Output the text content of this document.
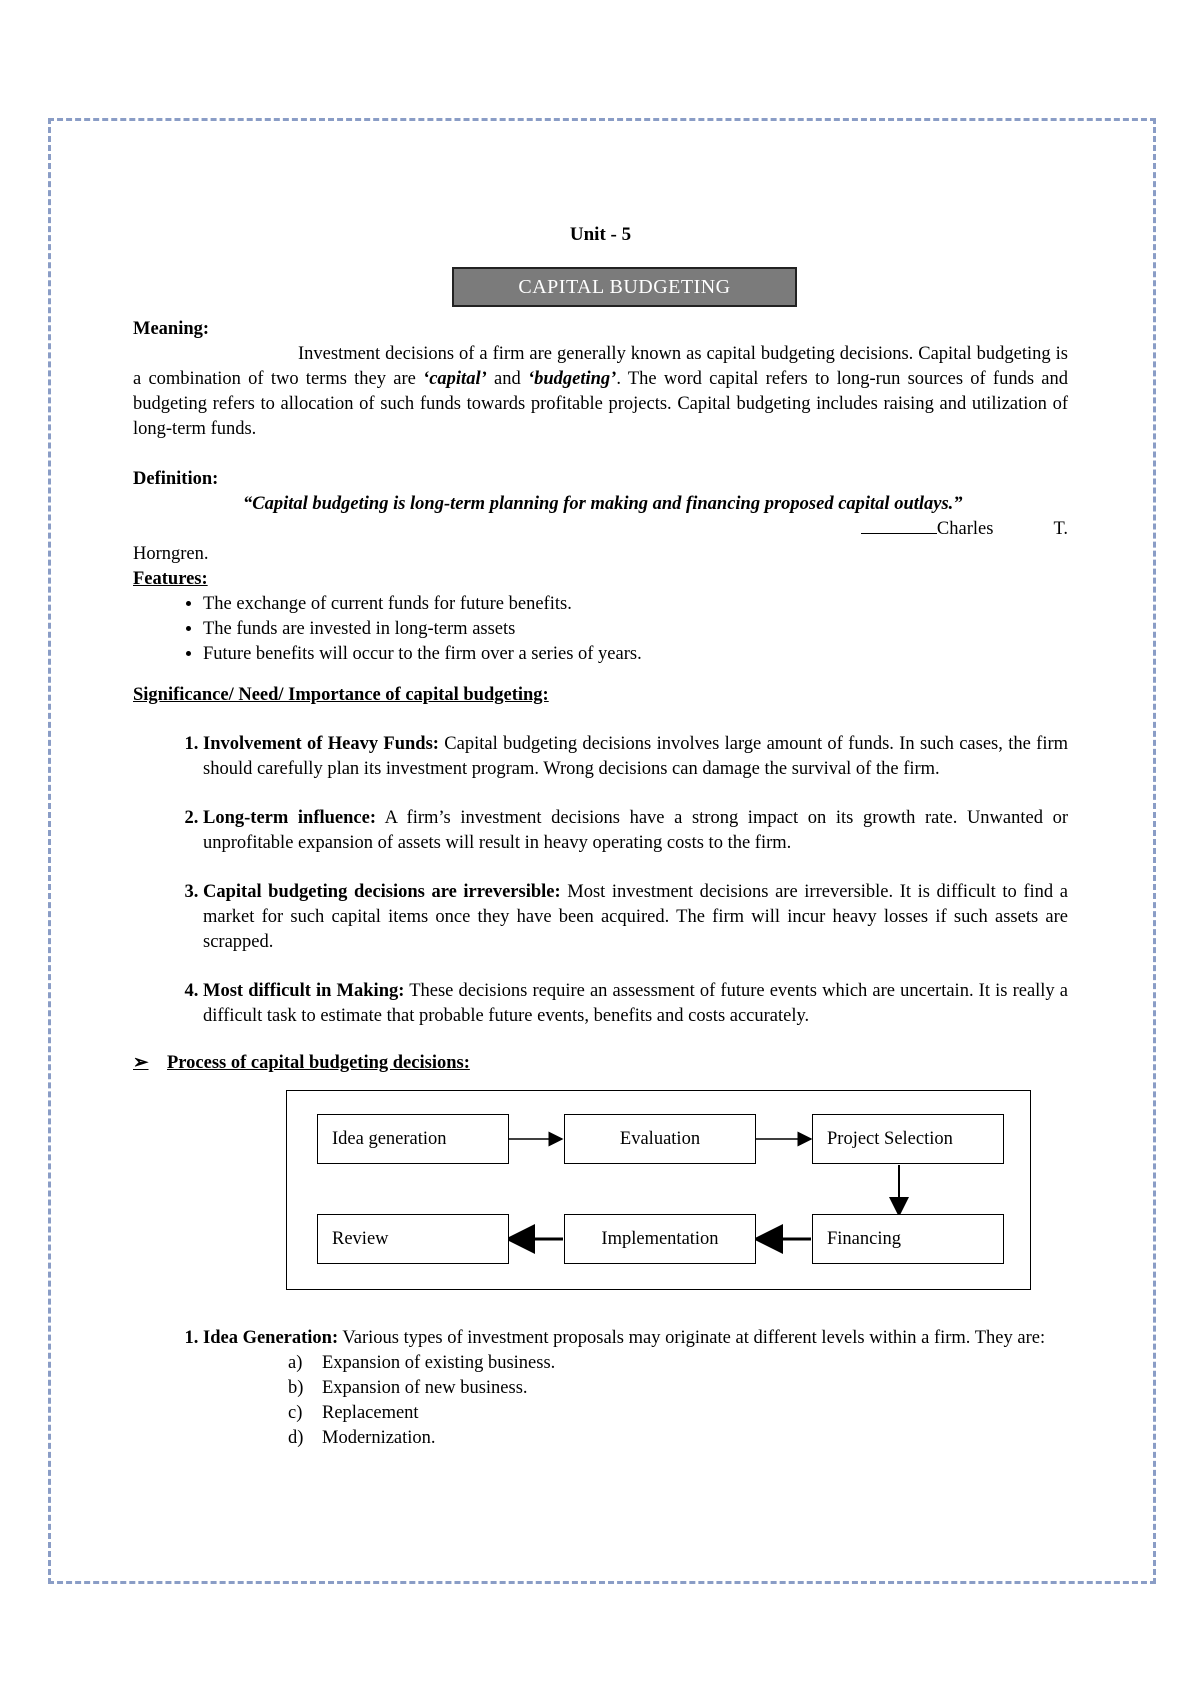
Unit - 5

CAPITAL BUDGETING

Meaning:

Investment decisions of a firm are generally known as capital budgeting decisions. Capital budgeting is a combination of two terms they are ‘capital’ and ‘budgeting’. The word capital refers to long-run sources of funds and budgeting refers to allocation of such funds towards profitable projects. Capital budgeting includes raising and utilization of long-term funds.

Definition:

“Capital budgeting is long-term planning for making and financing proposed capital outlays.”

Charles	T.

Horngren.

Features:

• The exchange of current funds for future benefits.
• The funds are invested in long-term assets
• Future benefits will occur to the firm over a series of years.

Significance/ Need/ Importance of capital budgeting:

1. Involvement of Heavy Funds: Capital budgeting decisions involves large amount of funds. In such cases, the firm should carefully plan its investment program. Wrong decisions can damage the survival of the firm.
2. Long-term influence: A firm’s investment decisions have a strong impact on its growth rate. Unwanted or unprofitable expansion of assets will result in heavy operating costs to the firm.
3. Capital budgeting decisions are irreversible: Most investment decisions are irreversible. It is difficult to find a market for such capital items once they have been acquired. The firm will incur heavy losses if such assets are scrapped.
4. Most difficult in Making: These decisions require an assessment of future events which are uncertain. It is really a difficult task to estimate that probable future events, benefits and costs accurately.

➢ Process of capital budgeting decisions:

Idea generation	Evaluation	Project Selection
Review	Implementation	Financing
1. Idea Generation: Various types of investment proposals may originate at different levels within a firm. They are:
a) Expansion of existing business.
b) Expansion of new business.
c) Replacement
d) Modernization.
